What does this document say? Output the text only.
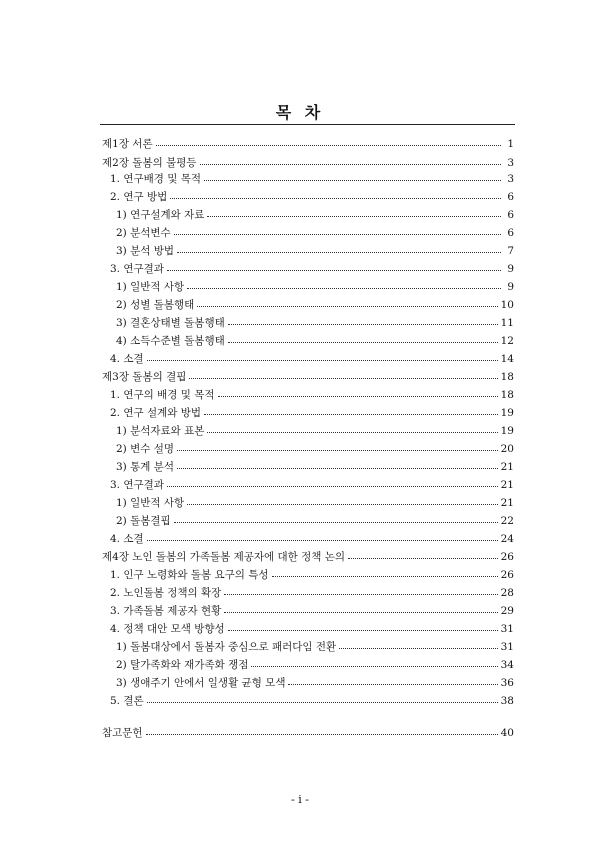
목 차
제1장 서론	1
제2장 돌봄의 불평등	3
1. 연구배경 및 목적	3
2. 연구 방법	6
1) 연구설계와 자료	6
2) 분석변수	6
3) 분석 방법	7
3. 연구결과	9
1) 일반적 사항	9
2) 성별 돌봄행태	10
3) 결혼상태별 돌봄행태	11
4) 소득수준별 돌봄행태	12
4. 소결	14
제3장 돌봄의 결핍	18
1. 연구의 배경 및 목적	18
2. 연구 설계와 방법	19
1) 분석자료와 표본	19
2) 변수 설명	20
3) 통계 분석	21
3. 연구결과	21
1) 일반적 사항	21
2) 돌봄결핍	22
4. 소결	24
제4장 노인 돌봄의 가족돌봄 제공자에 대한 정책 논의	26
1. 인구 노령화와 돌봄 요구의 특성	26
2. 노인돌봄 정책의 확장	28
3. 가족돌봄 제공자 현황	29
4. 정책 대안 모색 방향성	31
1) 돌봄대상에서 돌봄자 중심으로 패러다임 전환	31
2) 탈가족화와 재가족화 쟁점	34
3) 생애주기 안에서 일생활 균형 모색	36
5. 결론	38
참고문헌	40
- i -
